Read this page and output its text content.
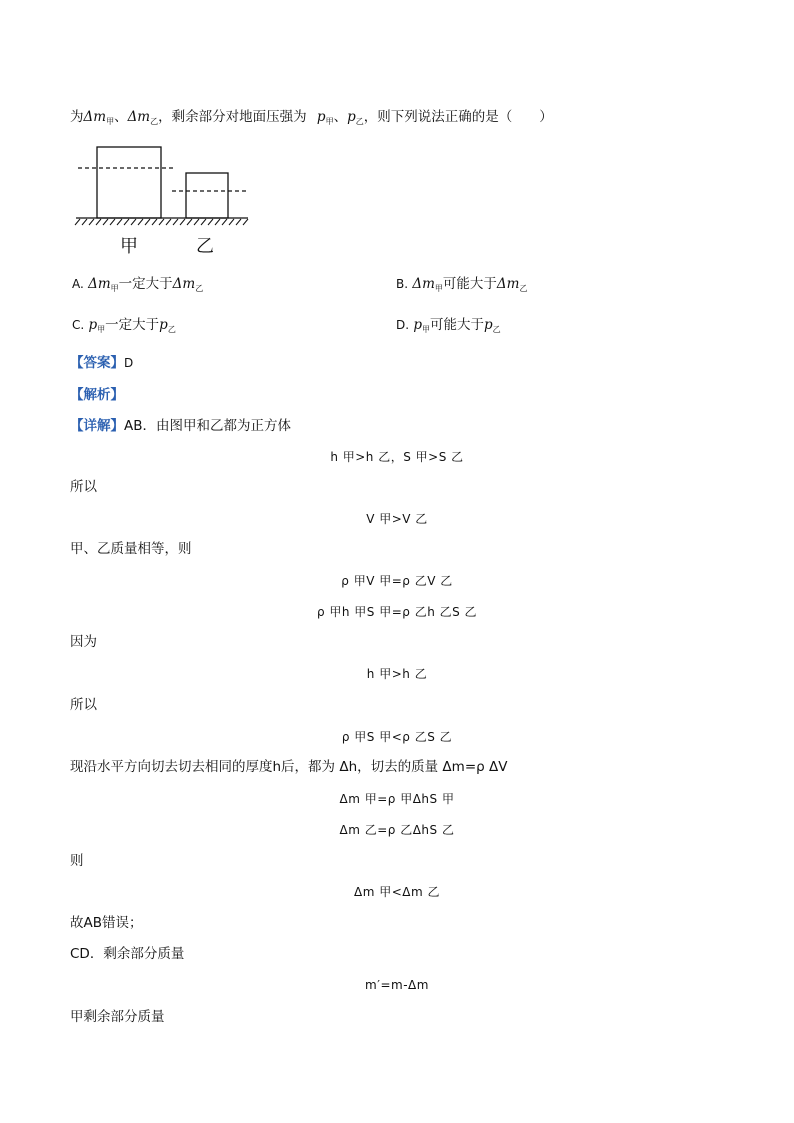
为$\Delta m_甲$、$\Delta m_乙$，剩余部分对地面压强为 $p_甲$、$p_乙$，则下列说法正确的是（　　）
甲	乙
A. $\Delta m_甲$一定大于$\Delta m_乙$	B. $\Delta m_甲$可能大于$\Delta m_乙$
C. $p_甲$一定大于$p_乙$	D. $p_甲$可能大于$p_乙$
【答案】D
【解析】
【详解】AB．由图甲和乙都为正方体
h 甲>h 乙，S 甲>S 乙
所以
V 甲>V 乙
甲、乙质量相等，则
ρ 甲V 甲=ρ 乙V 乙
ρ 甲h 甲S 甲=ρ 乙h 乙S 乙
因为
h 甲>h 乙
所以
ρ 甲S 甲<ρ 乙S 乙
现沿水平方向切去切去相同的厚度h后，都为 Δh，切去的质量 Δm=ρ ΔV
Δm 甲=ρ 甲ΔhS 甲
Δm 乙=ρ 乙ΔhS 乙
则
Δm 甲<Δm 乙
故AB错误；
CD．剩余部分质量
m′=m-Δm
甲剩余部分质量
